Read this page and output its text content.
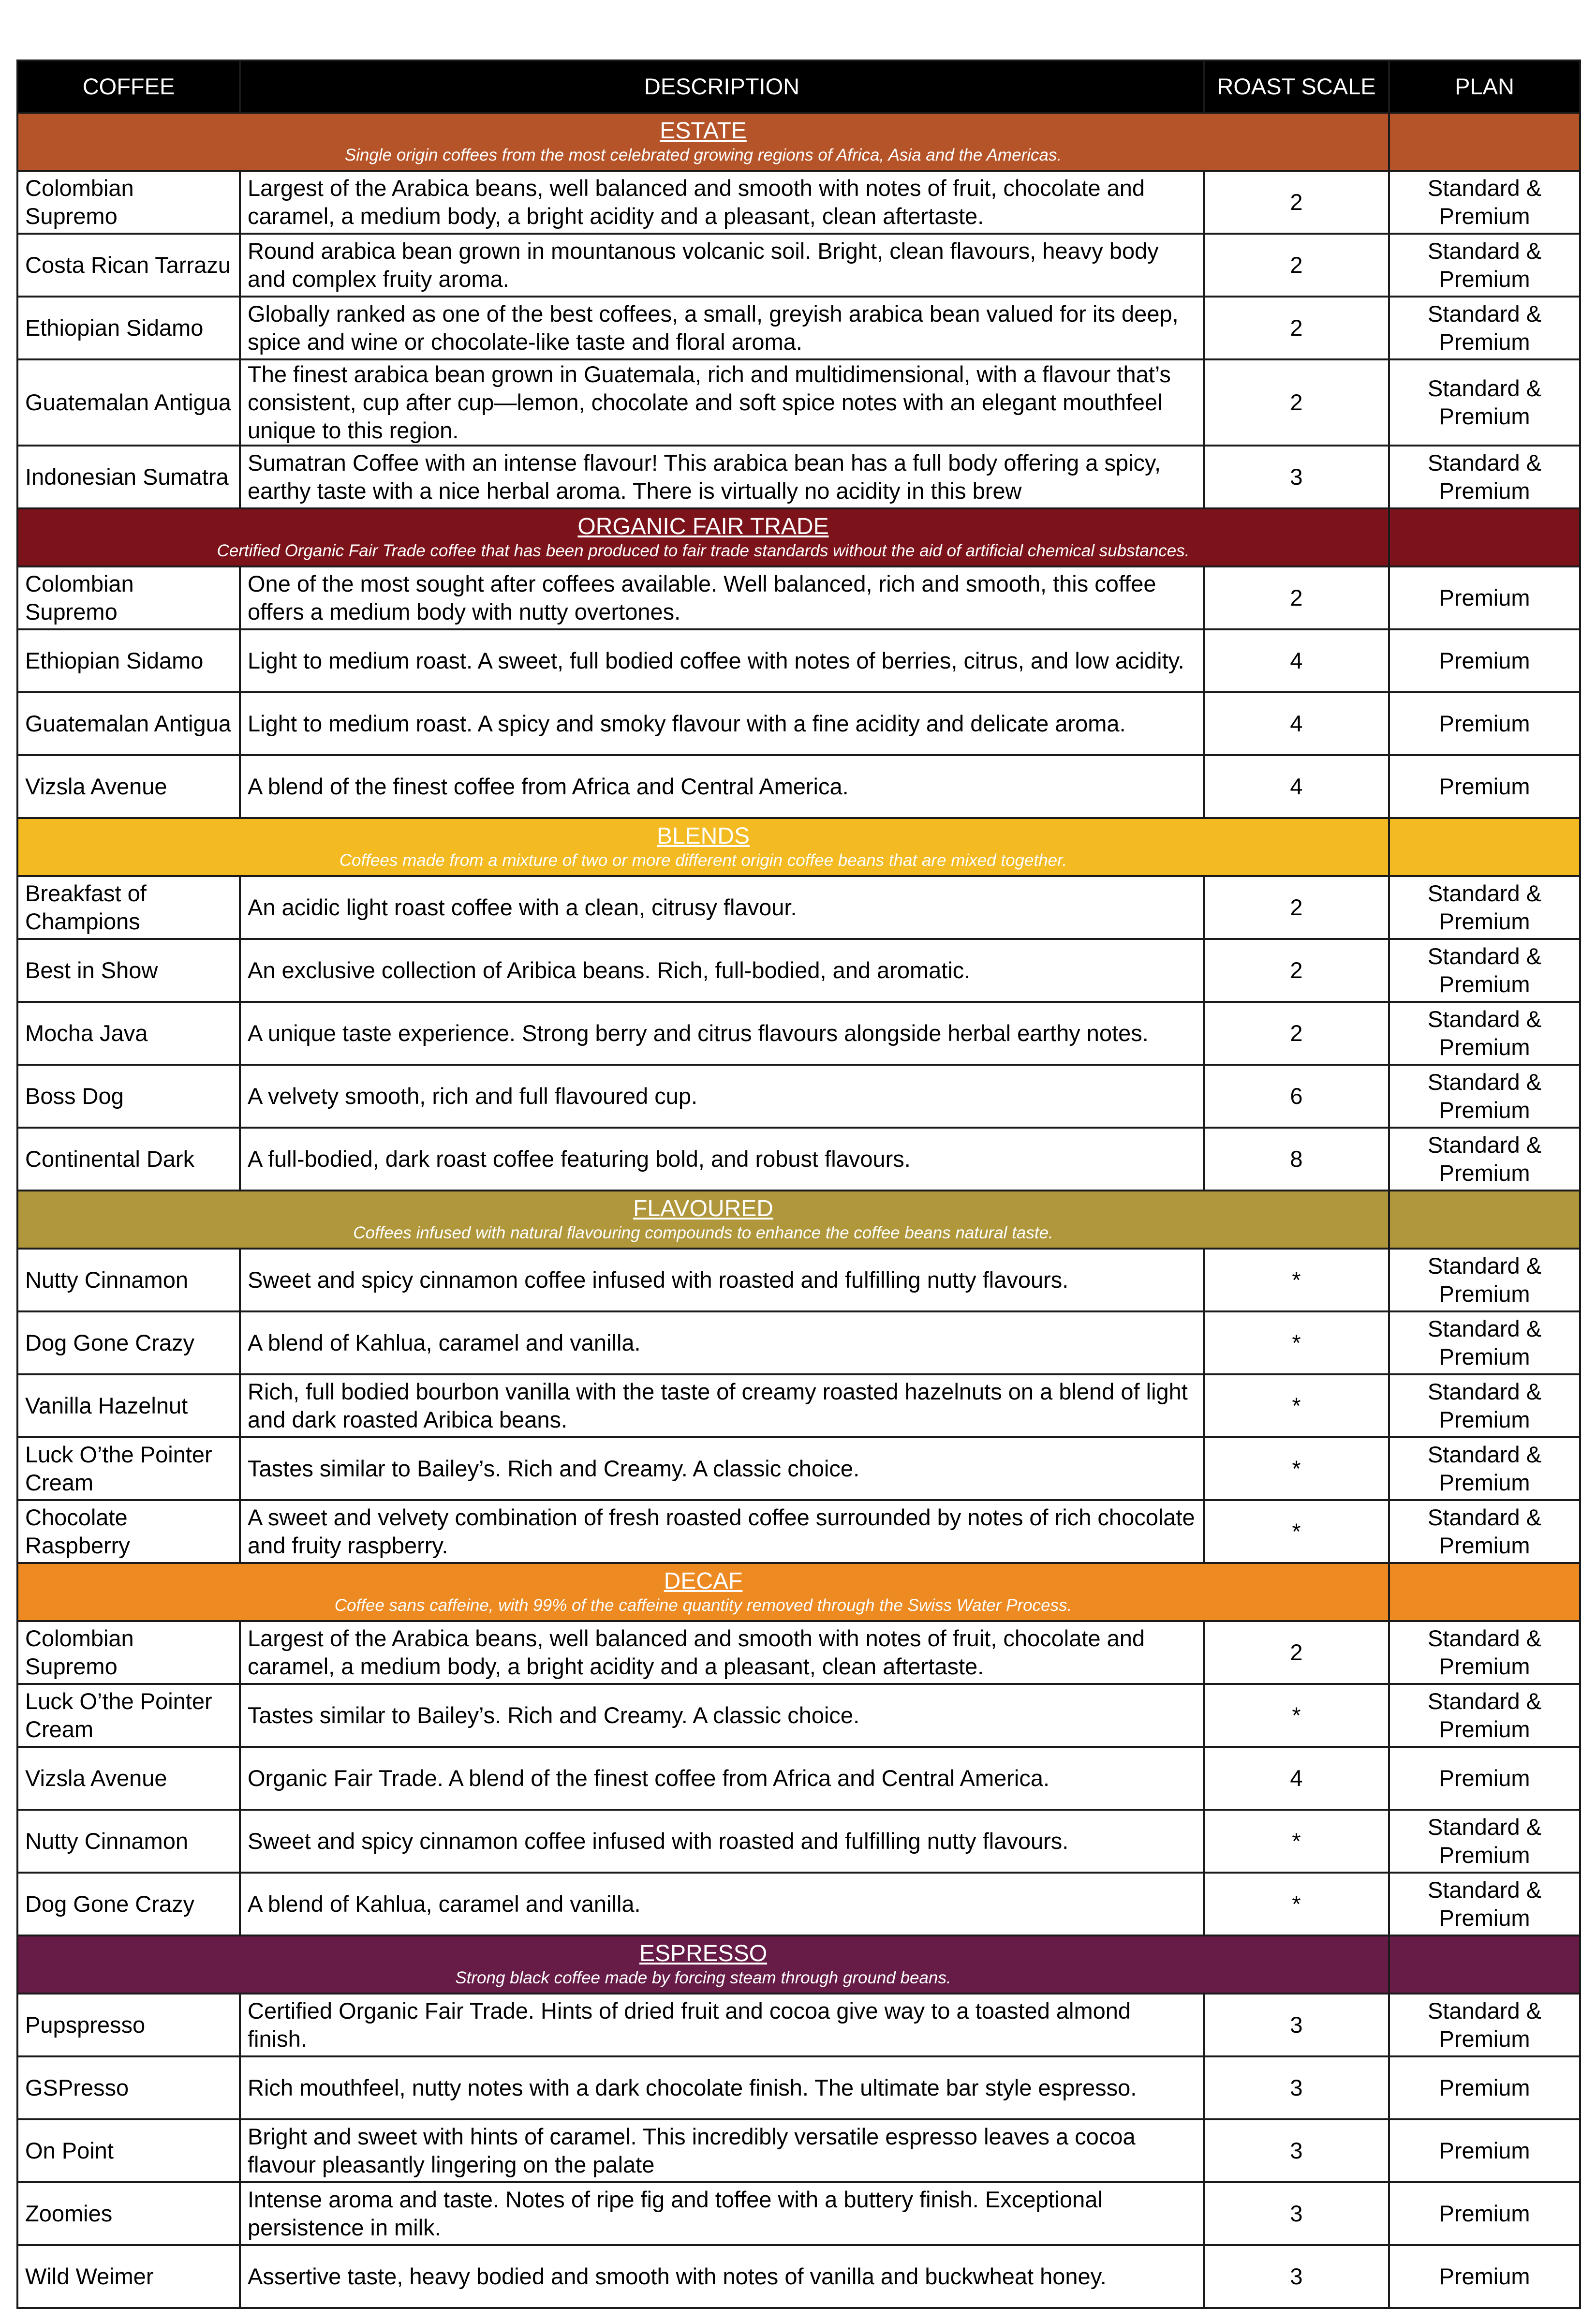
COFFEE	DESCRIPTION	ROAST SCALE	PLAN

ESTATE
Single origin coffees from the most celebrated growing regions of Africa, Asia and the Americas.			

Colombian Supremo	Largest of the Arabica beans, well balanced and smooth with notes of fruit, chocolate and caramel, a medium body, a bright acidity and a pleasant, clean aftertaste.	2	Standard & Premium
Costa Rican Tarrazu	Round arabica bean grown in mountanous volcanic soil. Bright, clean flavours, heavy body and complex fruity aroma.	2	Standard & Premium
Ethiopian Sidamo	Globally ranked as one of the best coffees, a small, greyish arabica bean valued for its deep, spice and wine or chocolate-like taste and floral aroma.	2	Standard & Premium
Guatemalan Antigua	The finest arabica bean grown in Guatemala, rich and multidimensional, with a flavour that’s consistent, cup after cup—lemon, chocolate and soft spice notes with an elegant mouthfeel unique to this region.	2	Standard & Premium
Indonesian Sumatra	Sumatran Coffee with an intense flavour! This arabica bean has a full body offering a spicy, earthy taste with a nice herbal aroma. There is virtually no acidity in this brew	3	Standard & Premium

ORGANIC FAIR TRADE
Certified Organic Fair Trade coffee that has been produced to fair trade standards without the aid of artificial chemical substances.			

Colombian Supremo	One of the most sought after coffees available. Well balanced, rich and smooth, this coffee offers a medium body with nutty overtones.	2	Premium
Ethiopian Sidamo	Light to medium roast. A sweet, full bodied coffee with notes of berries, citrus, and low acidity.	4	Premium
Guatemalan Antigua	Light to medium roast. A spicy and smoky flavour with a fine acidity and delicate aroma.	4	Premium
Vizsla Avenue	A blend of the finest coffee from Africa and Central America.	4	Premium

BLENDS
Coffees made from a mixture of two or more different origin coffee beans that are mixed together.			

Breakfast of Champions	An acidic light roast coffee with a clean, citrusy flavour.	2	Standard & Premium
Best in Show	An exclusive collection of Aribica beans. Rich, full-bodied, and aromatic.	2	Standard & Premium
Mocha Java	A unique taste experience. Strong berry and citrus flavours alongside herbal earthy notes.	2	Standard & Premium
Boss Dog	A velvety smooth, rich and full flavoured cup.	6	Standard & Premium
Continental Dark	A full-bodied, dark roast coffee featuring bold, and robust flavours.	8	Standard & Premium

FLAVOURED
Coffees infused with natural flavouring compounds to enhance the coffee beans natural taste.			

Nutty Cinnamon	Sweet and spicy cinnamon coffee infused with roasted and fulfilling nutty flavours.	*	Standard & Premium
Dog Gone Crazy	A blend of Kahlua, caramel and vanilla.	*	Standard & Premium
Vanilla Hazelnut	Rich, full bodied bourbon vanilla with the taste of creamy roasted hazelnuts on a blend of light and dark roasted Aribica beans.	*	Standard & Premium
Luck O’the Pointer Cream	Tastes similar to Bailey’s. Rich and Creamy. A classic choice.	*	Standard & Premium
Chocolate Raspberry	A sweet and velvety combination of fresh roasted coffee surrounded by notes of rich chocolate and fruity raspberry.	*	Standard & Premium

DECAF
Coffee sans caffeine, with 99% of the caffeine quantity removed through the Swiss Water Process.			

Colombian Supremo	Largest of the Arabica beans, well balanced and smooth with notes of fruit, chocolate and caramel, a medium body, a bright acidity and a pleasant, clean aftertaste.	2	Standard & Premium
Luck O’the Pointer Cream	Tastes similar to Bailey’s. Rich and Creamy. A classic choice.	*	Standard & Premium
Vizsla Avenue	Organic Fair Trade. A blend of the finest coffee from Africa and Central America.	4	Premium
Nutty Cinnamon	Sweet and spicy cinnamon coffee infused with roasted and fulfilling nutty flavours.	*	Standard & Premium
Dog Gone Crazy	A blend of Kahlua, caramel and vanilla.	*	Standard & Premium

ESPRESSO
Strong black coffee made by forcing steam through ground beans.			

Pupspresso	Certified Organic Fair Trade. Hints of dried fruit and cocoa give way to a toasted almond finish.	3	Standard & Premium
GSPresso	Rich mouthfeel, nutty notes with a dark chocolate finish. The ultimate bar style espresso.	3	Premium
On Point	Bright and sweet with hints of caramel. This incredibly versatile espresso leaves a cocoa flavour pleasantly lingering on the palate	3	Premium
Zoomies	Intense aroma and taste. Notes of ripe fig and toffee with a buttery finish. Exceptional persistence in milk.	3	Premium
Wild Weimer	Assertive taste, heavy bodied and smooth with notes of vanilla and buckwheat honey.	3	Premium
